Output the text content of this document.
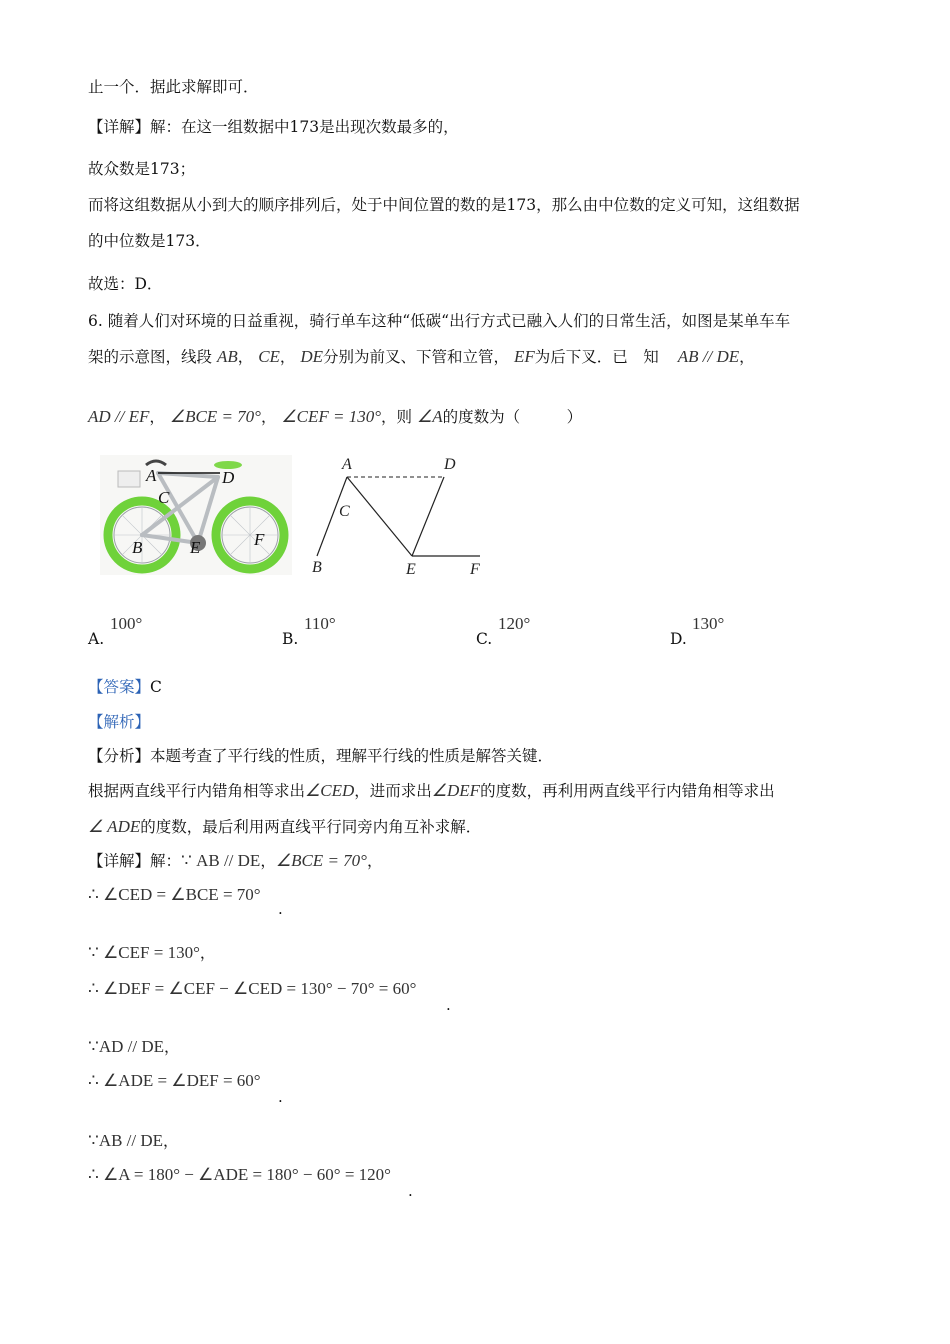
止一个．据此求解即可．
【详解】解：在这一组数据中173是出现次数最多的，
故众数是173；
而将这组数据从小到大的顺序排列后，处于中间位置的数的是173，那么由中位数的定义可知，这组数据
的中位数是173．
故选：D．
6. 随着人们对环境的日益重视，骑行单车这种“低碳“出行方式已融入人们的日常生活，如图是某单车车
架的示意图，线段 AB， CE， DE分别为前叉、下管和立管， EF为后下叉．已　知 AB // DE，
AD // EF， ∠BCE = 70°， ∠CEF = 130°，则 ∠A的度数为（　　　）
A	D
C
B	E	F
A	D
C
B	E	F
A.
100°
B.
110°
C.
120°
D.
130°
【答案】C
【解析】
【分析】本题考查了平行线的性质，理解平行线的性质是解答关键．
根据两直线平行内错角相等求出∠CED，进而求出∠DEF的度数，再利用两直线平行内错角相等求出
∠ ADE的度数，最后利用两直线平行同旁内角互补求解．
【详解】解：∵ AB // DE，∠BCE = 70°，
∴ ∠CED = ∠BCE = 70°
.
∵ ∠CEF = 130°，
∴ ∠DEF = ∠CEF − ∠CED = 130° − 70° = 60°
.
∵AD // DE，
∴ ∠ADE = ∠DEF = 60°
.
∵AB // DE，
∴ ∠A = 180° − ∠ADE = 180° − 60° = 120°
.
